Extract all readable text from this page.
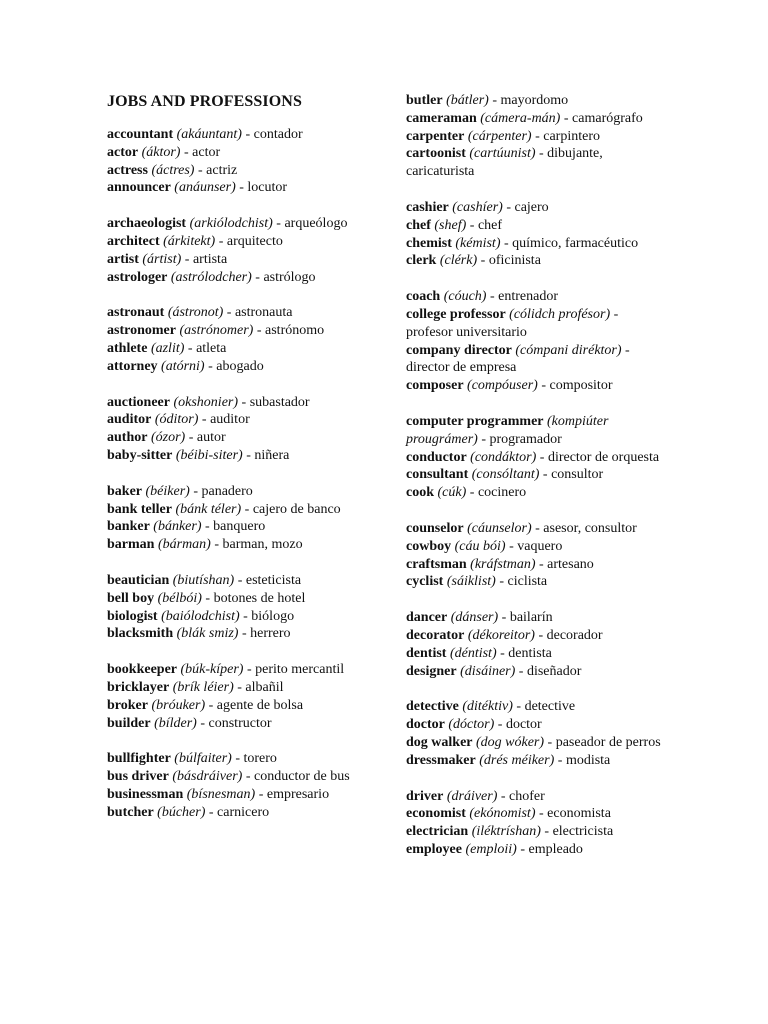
JOBS AND PROFESSIONS
accountant (akáuntant) - contador
actor (áktor) - actor
actress (áctres) - actriz
announcer (anáunser) - locutor
archaeologist (arkiólodchist) - arqueólogo
architect (árkitekt) - arquitecto
artist (ártist) - artista
astrologer (astrólodcher) - astrólogo
astronaut (ástronot) - astronauta
astronomer (astrónomer) - astrónomo
athlete (azlit) - atleta
attorney (atórni) - abogado
auctioneer (okshonier) - subastador
auditor (óditor) - auditor
author (ózor) - autor
baby-sitter (béibi-siter) - niñera
baker (béiker) - panadero
bank teller (bánk téler) - cajero de banco
banker (bánker) - banquero
barman (bárman) - barman, mozo
beautician (biutíshan) - esteticista
bell boy (bélbói) - botones de hotel
biologist (baiólodchist) - biólogo
blacksmith (blák smiz) - herrero
bookkeeper (búk-kíper) - perito mercantil
bricklayer (brík léier) - albañil
broker (bróuker) - agente de bolsa
builder (bílder) - constructor
bullfighter (búlfaiter) - torero
bus driver (básdráiver) - conductor de bus
businessman (bísnesman) - empresario
butcher (búcher) - carnicero
butler (bátler) - mayordomo
cameraman (cámera-mán) - camarógrafo
carpenter (cárpenter) - carpintero
cartoonist (cartúunist) - dibujante, caricaturista
cashier (cashíer) - cajero
chef (shef) - chef
chemist (kémist) - químico, farmacéutico
clerk (clérk) - oficinista
coach (cóuch) - entrenador
college professor (cólidch profésor) - profesor universitario
company director (cómpani diréktor) - director de empresa
composer (compóuser) - compositor
computer programmer (kompiúter prougrámer) - programador
conductor (condáktor) - director de orquesta
consultant (consóltant) - consultor
cook (cúk) - cocinero
counselor (cáunselor) - asesor, consultor
cowboy (cáu bói) - vaquero
craftsman (kráfstman) - artesano
cyclist (sáiklist) - ciclista
dancer (dánser) - bailarín
decorator (dékoreitor) - decorador
dentist (déntist) - dentista
designer (disáiner) - diseñador
detective (ditéktiv) - detective
doctor (dóctor) - doctor
dog walker (dog wóker) - paseador de perros
dressmaker (drés méiker) - modista
driver (dráiver) - chofer
economist (ekónomist) - economista
electrician (iléktríshan) - electricista
employee (emploii) - empleado
